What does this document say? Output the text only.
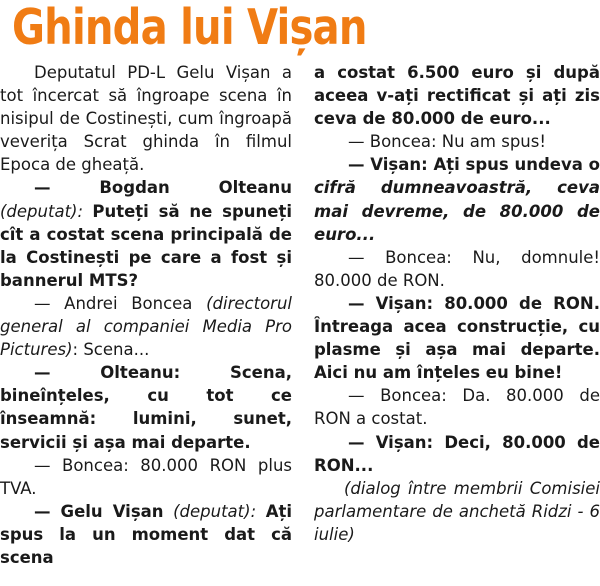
Ghinda lui Vișan

Deputatul PD-L Gelu Vișan a tot încercat să îngroape scena în nisipul de Costinești, cum îngroapă veverița Scrat ghinda în filmul Epoca de gheață.

— Bogdan Olteanu (deputat): Puteți să ne spuneți cît a costat scena principală de la Costinești pe care a fost și bannerul MTS?

— Andrei Boncea (directorul general al companiei Media Pro Pictures): Scena...

— Olteanu: Scena, bineînțeles, cu tot ce înseamnă: lumini, sunet, servicii și așa mai departe.

— Boncea: 80.000 RON plus TVA.

— Gelu Vișan (deputat): Ați spus la un moment dat că scena

a costat 6.500 euro și după aceea v-ați rectificat și ați zis ceva de 80.000 de euro...

— Boncea: Nu am spus!

— Vișan: Ați spus undeva o cifră dumneavoastră, ceva mai devreme, de 80.000 de euro...

— Boncea: Nu, domnule! 80.000 de RON.

— Vișan: 80.000 de RON. Întreaga acea construcție, cu plasme și așa mai departe. Aici nu am înțeles eu bine!

— Boncea: Da. 80.000 de RON a costat.

— Vișan: Deci, 80.000 de RON...

(dialog între membrii Comisiei parlamentare de anchetă Ridzi - 6 iulie)
